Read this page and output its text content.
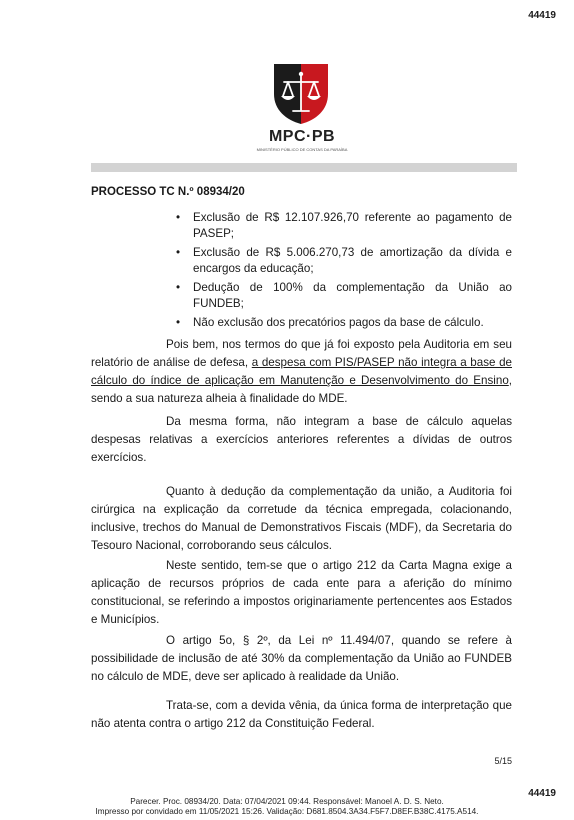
44419
MPC·PB
MINISTÉRIO PÚBLICO DE CONTAS DA PARAÍBA
PROCESSO TC N.º 08934/20
• Exclusão de R$ 12.107.926,70 referente ao pagamento de PASEP;
• Exclusão de R$ 5.006.270,73 de amortização da dívida e encargos da educação;
• Dedução de 100% da complementação da União ao FUNDEB;
• Não exclusão dos precatórios pagos da base de cálculo.

Pois bem, nos termos do que já foi exposto pela Auditoria em seu relatório de análise de defesa, a despesa com PIS/PASEP não integra a base de cálculo do índice de aplicação em Manutenção e Desenvolvimento do Ensino, sendo a sua natureza alheia à finalidade do MDE.

Da mesma forma, não integram a base de cálculo aquelas despesas relativas a exercícios anteriores referentes a dívidas de outros exercícios.

Quanto à dedução da complementação da união, a Auditoria foi cirúrgica na explicação da corretude da técnica empregada, colacionando, inclusive, trechos do Manual de Demonstrativos Fiscais (MDF), da Secretaria do Tesouro Nacional, corroborando seus cálculos.

Neste sentido, tem-se que o artigo 212 da Carta Magna exige a aplicação de recursos próprios de cada ente para a aferição do mínimo constitucional, se referindo a impostos originariamente pertencentes aos Estados e Municípios.

O artigo 5o, § 2º, da Lei nº 11.494/07, quando se refere à possibilidade de inclusão de até 30% da complementação da União ao FUNDEB no cálculo de MDE, deve ser aplicado à realidade da União.

Trata-se, com a devida vênia, da única forma de interpretação que não atenta contra o artigo 212 da Constituição Federal.

5/15
44419
Parecer. Proc. 08934/20. Data: 07/04/2021 09:44. Responsável: Manoel A. D. S. Neto.
Impresso por convidado em 11/05/2021 15:26. Validação: D681.8504.3A34.F5F7.D8EF.B38C.4175.A514.
